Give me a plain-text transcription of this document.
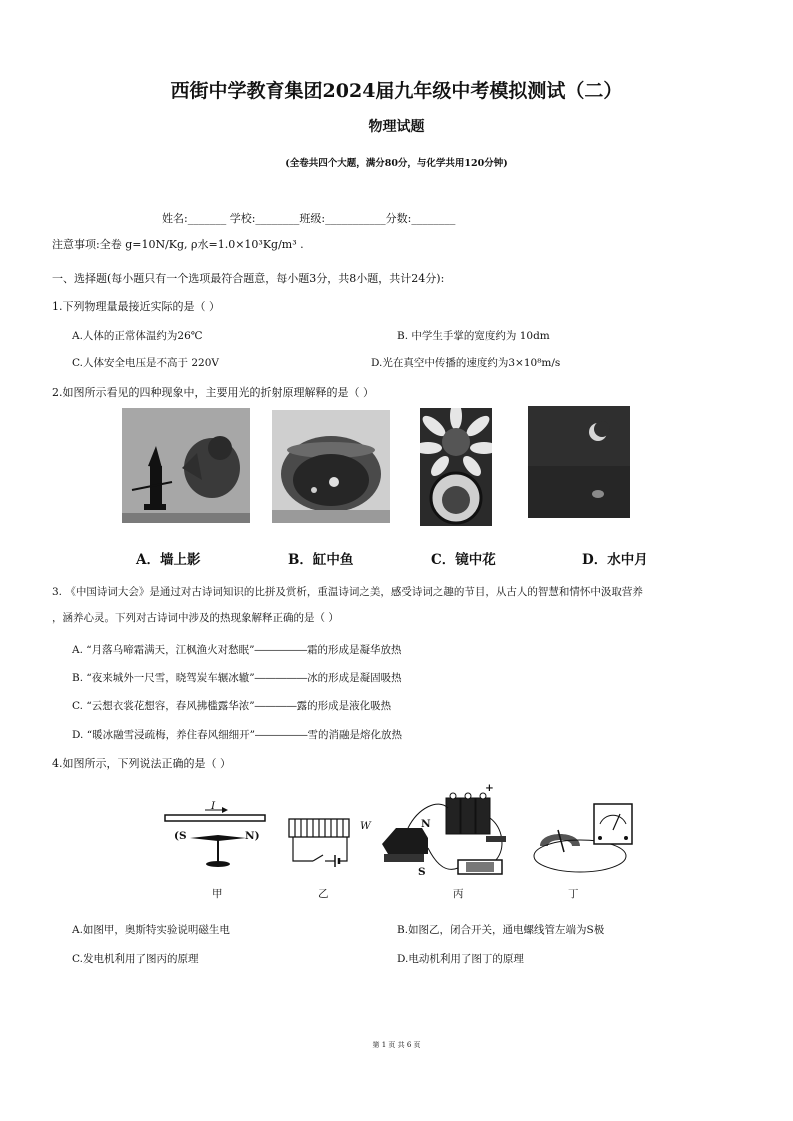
西街中学教育集团2024届九年级中考模拟测试（二）
物理试题
(全卷共四个大题，满分80分，与化学共用120分钟)
姓名:_______ 学校:________班级:___________分数:________
注意事项:全卷 g=10N/Kg, ρ水=1.0×10³Kg/m³ .
一、选择题(每小题只有一个选项最符合题意，每小题3分，共8小题，共计24分):
1.下列物理量最接近实际的是（ ）
A.人体的正常体温约为26℃	B. 中学生手掌的宽度约为 10dm
C.人体安全电压是不高于 220V	D.光在真空中传播的速度约为3×10⁸m/s
2.如图所示看见的四种现象中，主要用光的折射原理解释的是（ ）
A．墙上影	B．缸中鱼	C．镜中花	D．水中月
3. 《中国诗词大会》是通过对古诗词知识的比拼及赏析，重温诗词之美，感受诗词之趣的节目，从古人的智慧和情怀中汲取营养
，涵养心灵。下列对古诗词中涉及的热现象解释正确的是（ ）
A. “月落乌啼霜满天，江枫渔火对愁眠”―――――霜的形成是凝华放热
B. “夜来城外一尺雪，晓驾炭车辗冰辙”―――――冰的形成是凝固吸热
C. “云想衣裳花想容，春风拂槛露华浓”――――露的形成是液化吸热
D. “暖冰融雪浸疏梅，养住春风细细开”―――――雪的消融是熔化放热
4.如图所示，下列说法正确的是（ ）
I
(S	N)
W
+
N
S
甲	乙	丙	丁
A.如图甲，奥斯特实验说明磁生电	B.如图乙，闭合开关，通电螺线管左端为S极
C.发电机利用了图丙的原理	D.电动机利用了图丁的原理
第 1 页 共 6 页
